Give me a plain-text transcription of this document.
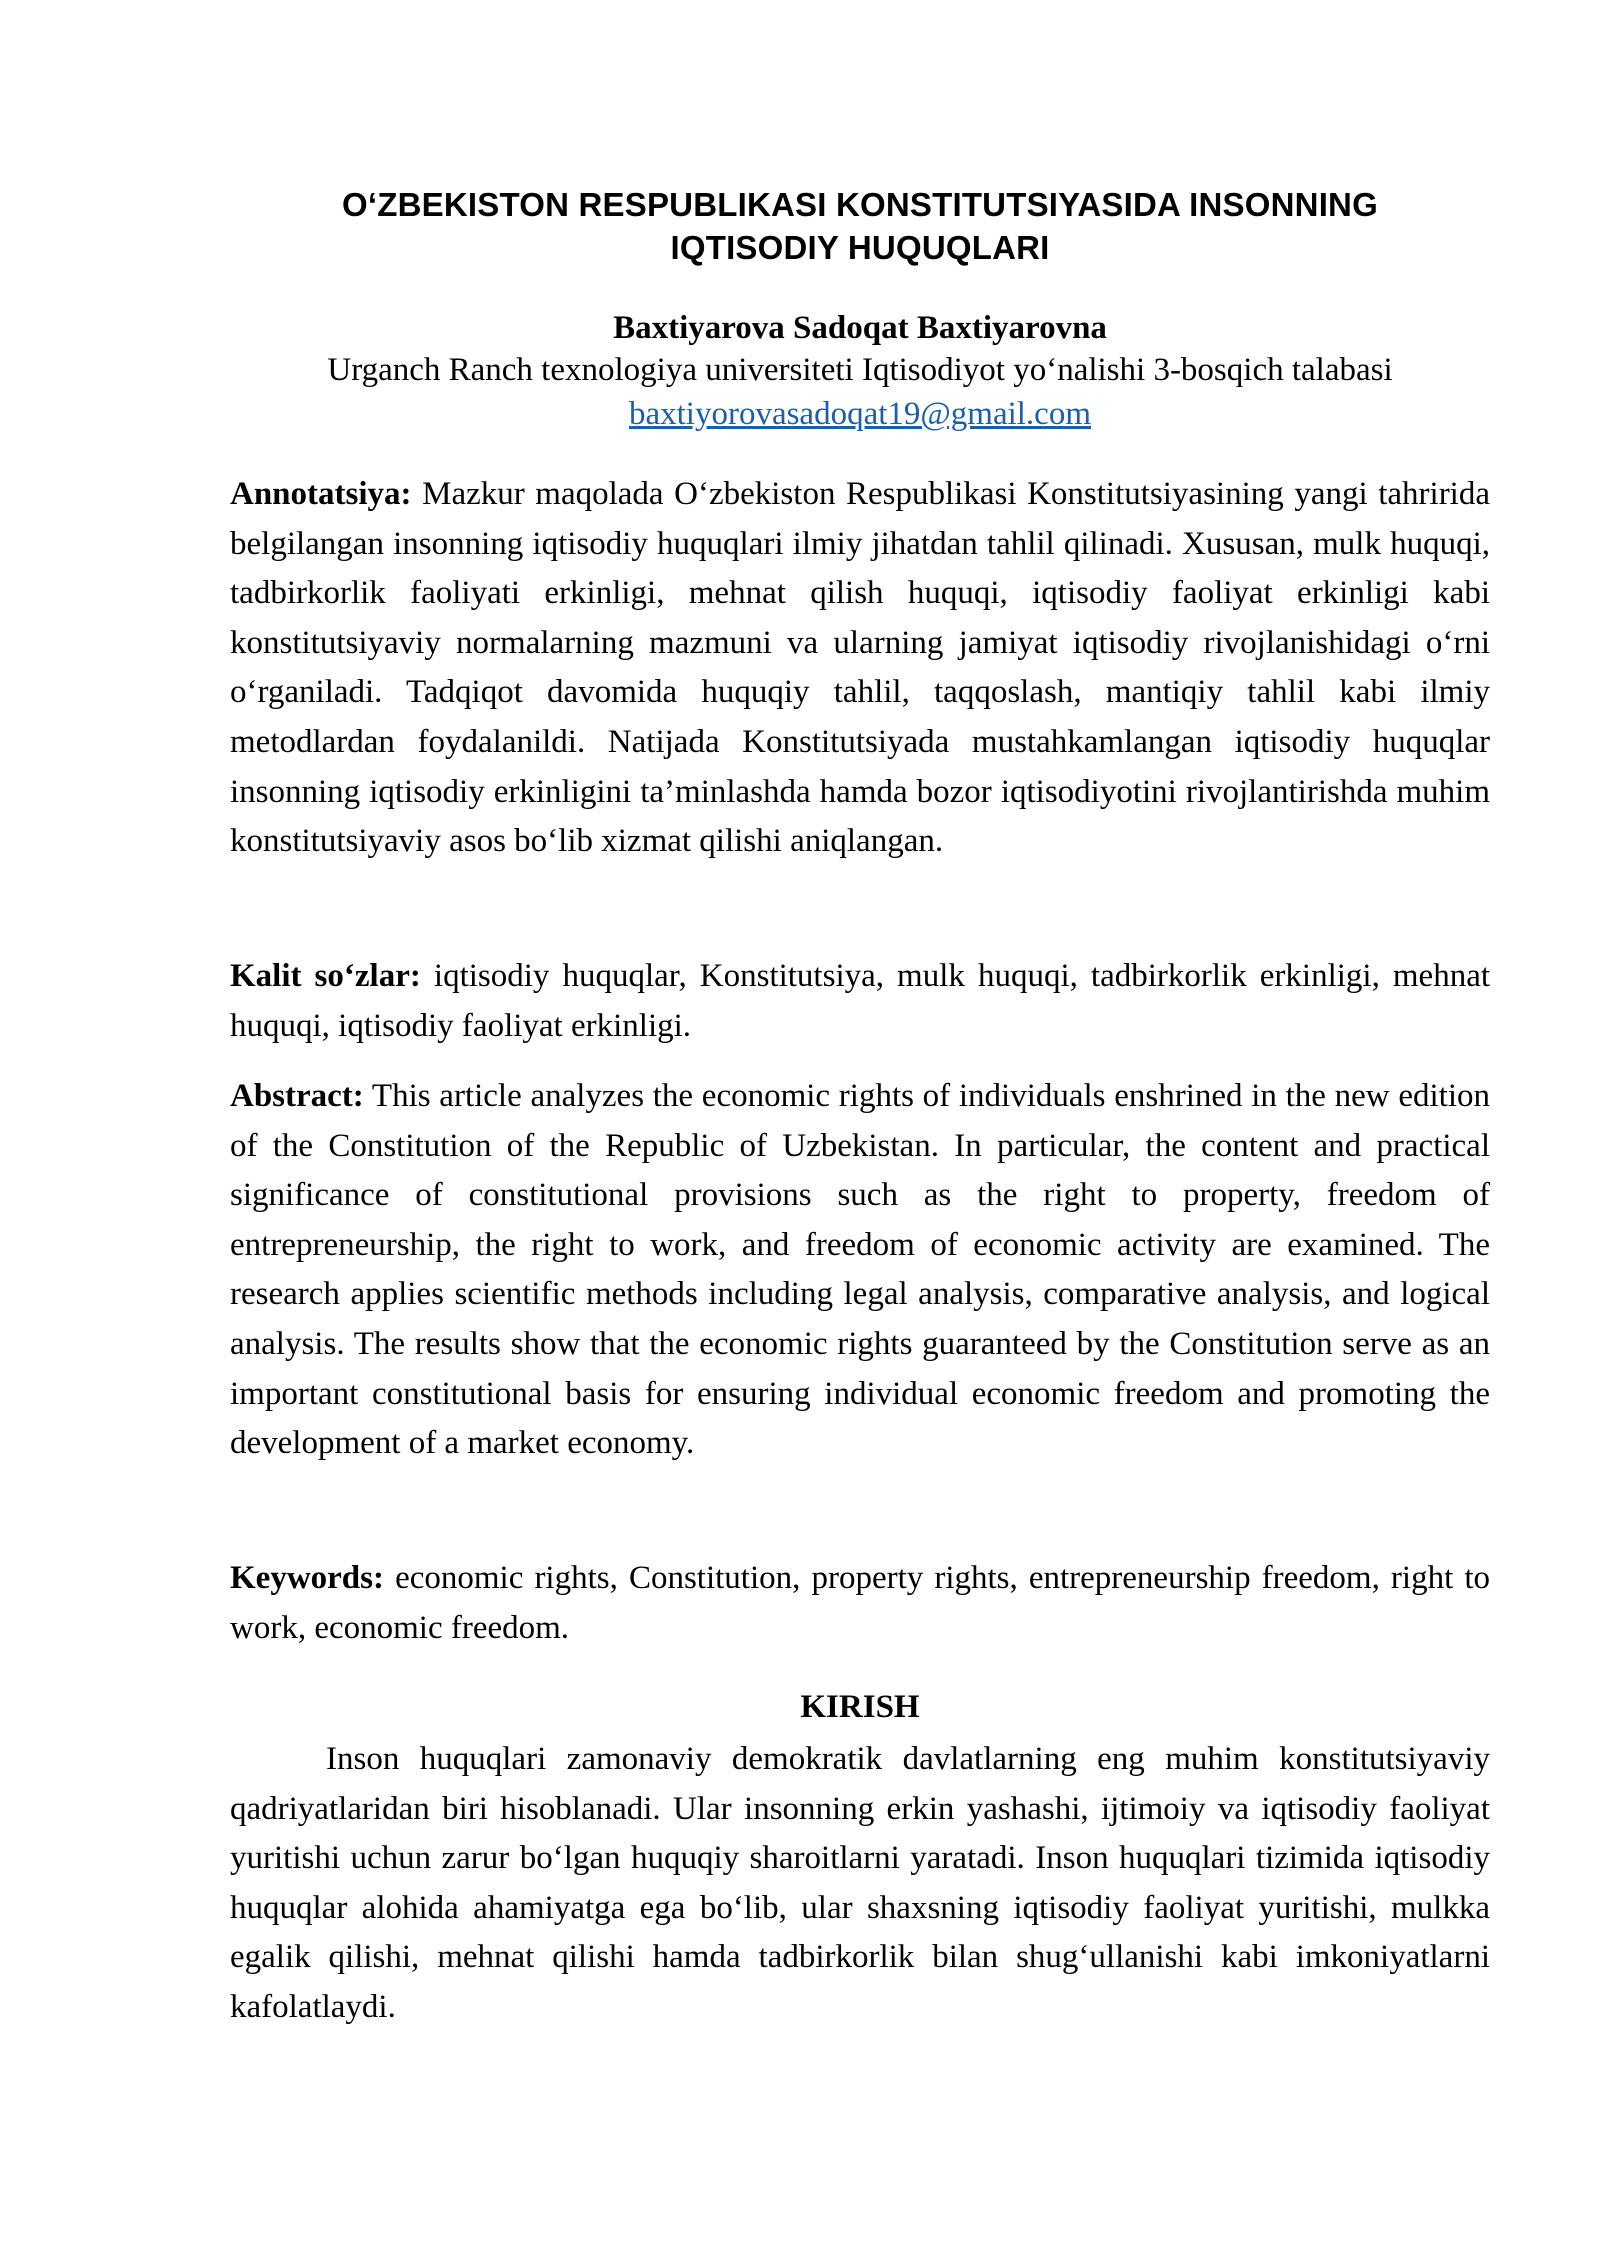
O‘ZBEKISTON RESPUBLIKASI KONSTITUTSIYASIDA INSONNING
IQTISODIY HUQUQLARI
Baxtiyarova Sadoqat Baxtiyarovna
Urganch Ranch texnologiya universiteti Iqtisodiyot yo‘nalishi 3-bosqich talabasi
baxtiyorovasadoqat19@gmail.com

Annotatsiya: Mazkur maqolada O‘zbekiston Respublikasi Konstitutsiyasining yangi tahririda belgilangan insonning iqtisodiy huquqlari ilmiy jihatdan tahlil qilinadi. Xususan, mulk huquqi, tadbirkorlik faoliyati erkinligi, mehnat qilish huquqi, iqtisodiy faoliyat erkinligi kabi konstitutsiyaviy normalarning mazmuni va ularning jamiyat iqtisodiy rivojlanishidagi o‘rni o‘rganiladi. Tadqiqot davomida huquqiy tahlil, taqqoslash, mantiqiy tahlil kabi ilmiy metodlardan foydalanildi. Natijada Konstitutsiyada mustahkamlangan iqtisodiy huquqlar insonning iqtisodiy erkinligini ta’minlashda hamda bozor iqtisodiyotini rivojlantirishda muhim konstitutsiyaviy asos bo‘lib xizmat qilishi aniqlangan.

Kalit so‘zlar: iqtisodiy huquqlar, Konstitutsiya, mulk huquqi, tadbirkorlik erkinligi, mehnat huquqi, iqtisodiy faoliyat erkinligi.

Abstract: This article analyzes the economic rights of individuals enshrined in the new edition of the Constitution of the Republic of Uzbekistan. In particular, the content and practical significance of constitutional provisions such as the right to property, freedom of entrepreneurship, the right to work, and freedom of economic activity are examined. The research applies scientific methods including legal analysis, comparative analysis, and logical analysis. The results show that the economic rights guaranteed by the Constitution serve as an important constitutional basis for ensuring individual economic freedom and promoting the development of a market economy.

Keywords: economic rights, Constitution, property rights, entrepreneurship freedom, right to work, economic freedom.

KIRISH

Inson huquqlari zamonaviy demokratik davlatlarning eng muhim konstitutsiyaviy qadriyatlaridan biri hisoblanadi. Ular insonning erkin yashashi, ijtimoiy va iqtisodiy faoliyat yuritishi uchun zarur bo‘lgan huquqiy sharoitlarni yaratadi. Inson huquqlari tizimida iqtisodiy huquqlar alohida ahamiyatga ega bo‘lib, ular shaxsning iqtisodiy faoliyat yuritishi, mulkka egalik qilishi, mehnat qilishi hamda tadbirkorlik bilan shug‘ullanishi kabi imkoniyatlarni kafolatlaydi.
